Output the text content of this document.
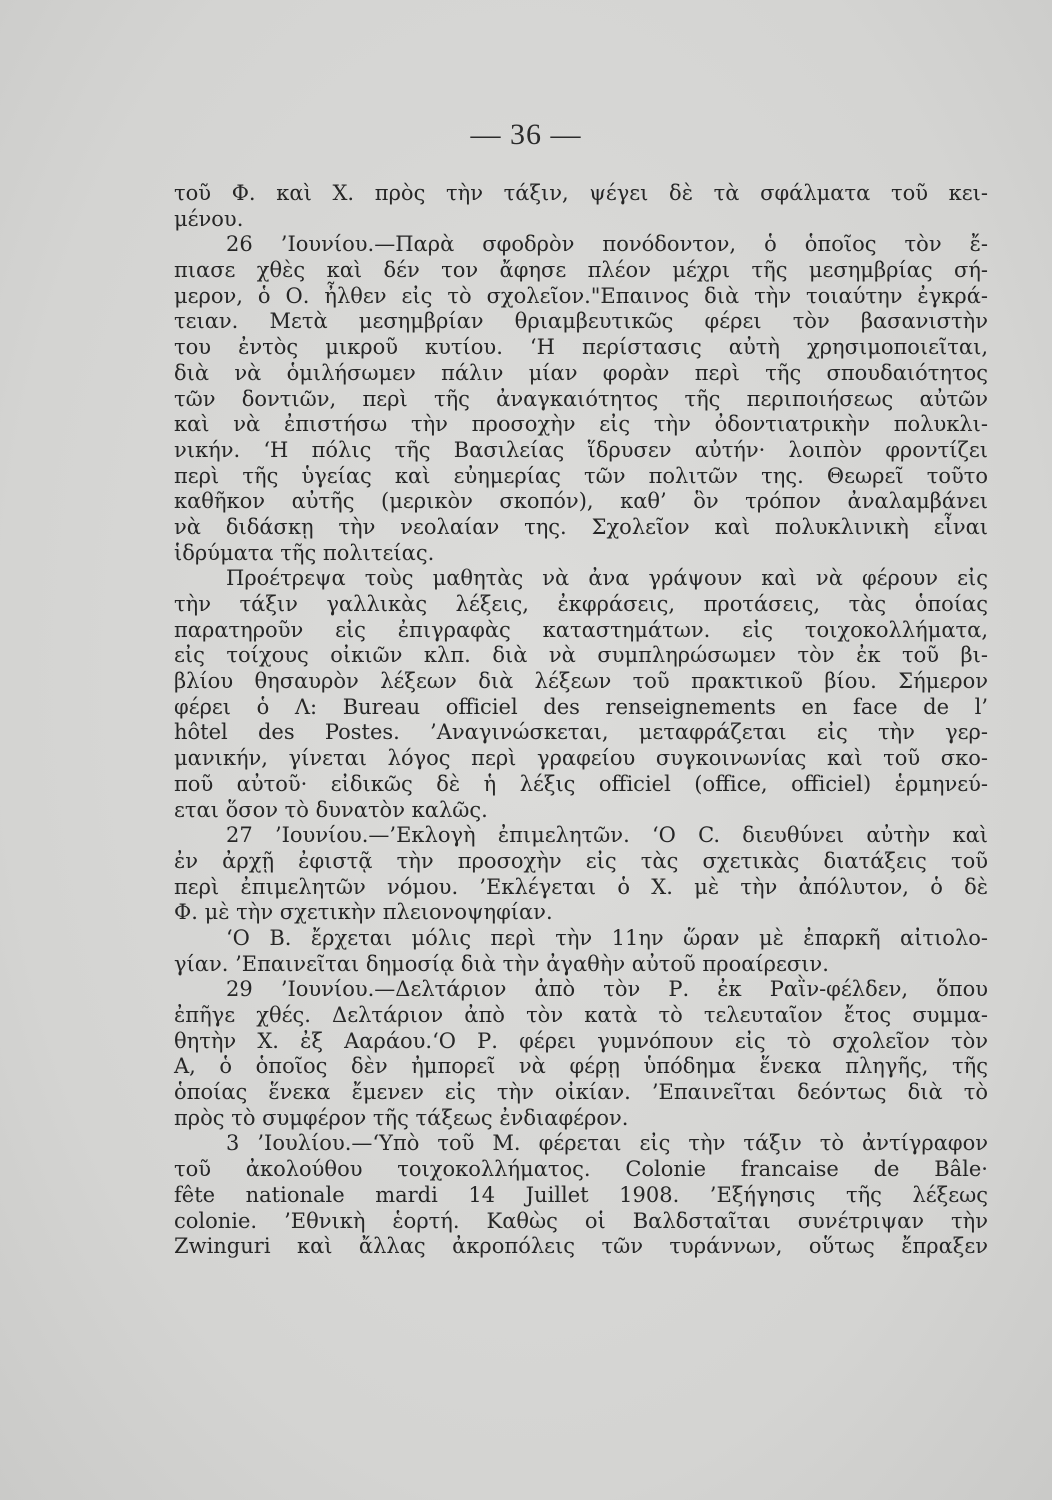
— 36 —
τοῦ Φ. καὶ Χ. πρὸς τὴν τάξιν, ψέγει δὲ τὰ σφάλματα τοῦ κει-
μένου.
26 ’Ιουνίου.—Παρὰ σφοδρὸν πονόδοντον, ὁ ὁποῖος τὸν ἔ-
πιασε χθὲς καὶ δέν τον ἄφησε πλέον μέχρι τῆς μεσημβρίας σή-
μερον, ὁ Ο. ἦλθεν εἰς τὸ σχολεῖον."Επαινος διὰ τὴν τοιαύτην ἐγκρά-
τειαν. Μετὰ μεσημβρίαν θριαμβευτικῶς φέρει τὸν βασανιστὴν
του ἐντὸς μικροῦ κυτίου. ‘Η περίστασις αὐτὴ χρησιμοποιεῖται,
διὰ νὰ ὁμιλήσωμεν πάλιν μίαν φορὰν περὶ τῆς σπουδαιότητος
τῶν δοντιῶν, περὶ τῆς ἀναγκαιότητος τῆς περιποιήσεως αὐτῶν
καὶ νὰ ἐπιστήσω τὴν προσοχὴν εἰς τὴν ὀδοντιατρικὴν πολυκλι-
νικήν. ‘Η πόλις τῆς Βασιλείας ἵδρυσεν αὐτήν· λοιπὸν φροντίζει
περὶ τῆς ὑγείας καὶ εὐημερίας τῶν πολιτῶν της. Θεωρεῖ τοῦτο
καθῆκον αὐτῆς (μερικὸν σκοπόν), καθ’ ὃν τρόπον ἀναλαμβάνει
νὰ διδάσκῃ τὴν νεολαίαν της. Σχολεῖον καὶ πολυκλινικὴ εἶναι
ἱδρύματα τῆς πολιτείας.
Προέτρεψα τοὺς μαθητὰς νὰ ἀνα γράψουν καὶ νὰ φέρουν εἰς
τὴν τάξιν γαλλικὰς λέξεις, ἐκφράσεις, προτάσεις, τὰς ὁποίας
παρατηροῦν εἰς ἐπιγραφὰς καταστημάτων. εἰς τοιχοκολλήματα,
εἰς τοίχους οἰκιῶν κλπ. διὰ νὰ συμπληρώσωμεν τὸν ἐκ τοῦ βι-
βλίου θησαυρὸν λέξεων διὰ λέξεων τοῦ πρακτικοῦ βίου. Σήμερον
φέρει ὁ Λ: Bureau officiel des renseignements en face de l’
hôtel des Postes. ’Αναγινώσκεται, μεταφράζεται εἰς τὴν γερ-
μανικήν, γίνεται λόγος περὶ γραφείου συγκοινωνίας καὶ τοῦ σκο-
ποῦ αὐτοῦ· εἰδικῶς δὲ ἡ λέξις officiel (office, officiel) ἑρμηνεύ-
εται ὅσον τὸ δυνατὸν καλῶς.
27 ’Ιουνίου.—’Εκλογὴ ἐπιμελητῶν. ‘Ο C. διευθύνει αὐτὴν καὶ
ἐν ἀρχῇ ἐφιστᾷ τὴν προσοχὴν εἰς τὰς σχετικὰς διατάξεις τοῦ
περὶ ἐπιμελητῶν νόμου. ’Εκλέγεται ὁ Χ. μὲ τὴν ἀπόλυτον, ὁ δὲ
Φ. μὲ τὴν σχετικὴν πλειονοψηφίαν.
‘Ο Β. ἔρχεται μόλις περὶ τὴν 11ην ὥραν μὲ ἐπαρκῆ αἰτιολο-
γίαν. ’Επαινεῖται δημοσίᾳ διὰ τὴν ἀγαθὴν αὐτοῦ προαίρεσιν.
29 ’Ιουνίου.—Δελτάριον ἀπὸ τὸν Ρ. ἐκ Ραῒν-φέλδεν, ὅπου
ἐπῆγε χθές. Δελτάριον ἀπὸ τὸν κατὰ τὸ τελευταῖον ἔτος συμμα-
θητὴν Χ. ἐξ Ααράου.‘Ο Ρ. φέρει γυμνόπουν εἰς τὸ σχολεῖον τὸν
Α, ὁ ὁποῖος δὲν ἠμπορεῖ νὰ φέρῃ ὑπόδημα ἕνεκα πληγῆς, τῆς
ὁποίας ἕνεκα ἔμενεν εἰς τὴν οἰκίαν. ’Επαινεῖται δεόντως διὰ τὸ
πρὸς τὸ συμφέρον τῆς τάξεως ἐνδιαφέρον.
3 ’Ιουλίου.—‘Υπὸ τοῦ Μ. φέρεται εἰς τὴν τάξιν τὸ ἀντίγραφον
τοῦ ἀκολούθου τοιχοκολλήματος. Colonie francaise de Bâle·
fête nationale mardi 14 Juillet 1908. ’Εξήγησις τῆς λέξεως
colonie. ’Εθνικὴ ἑορτή. Καθὼς οἱ Βαλδσταῖται συνέτριψαν τὴν
Zwinguri καὶ ἄλλας ἀκροπόλεις τῶν τυράννων, οὕτως ἔπραξεν
